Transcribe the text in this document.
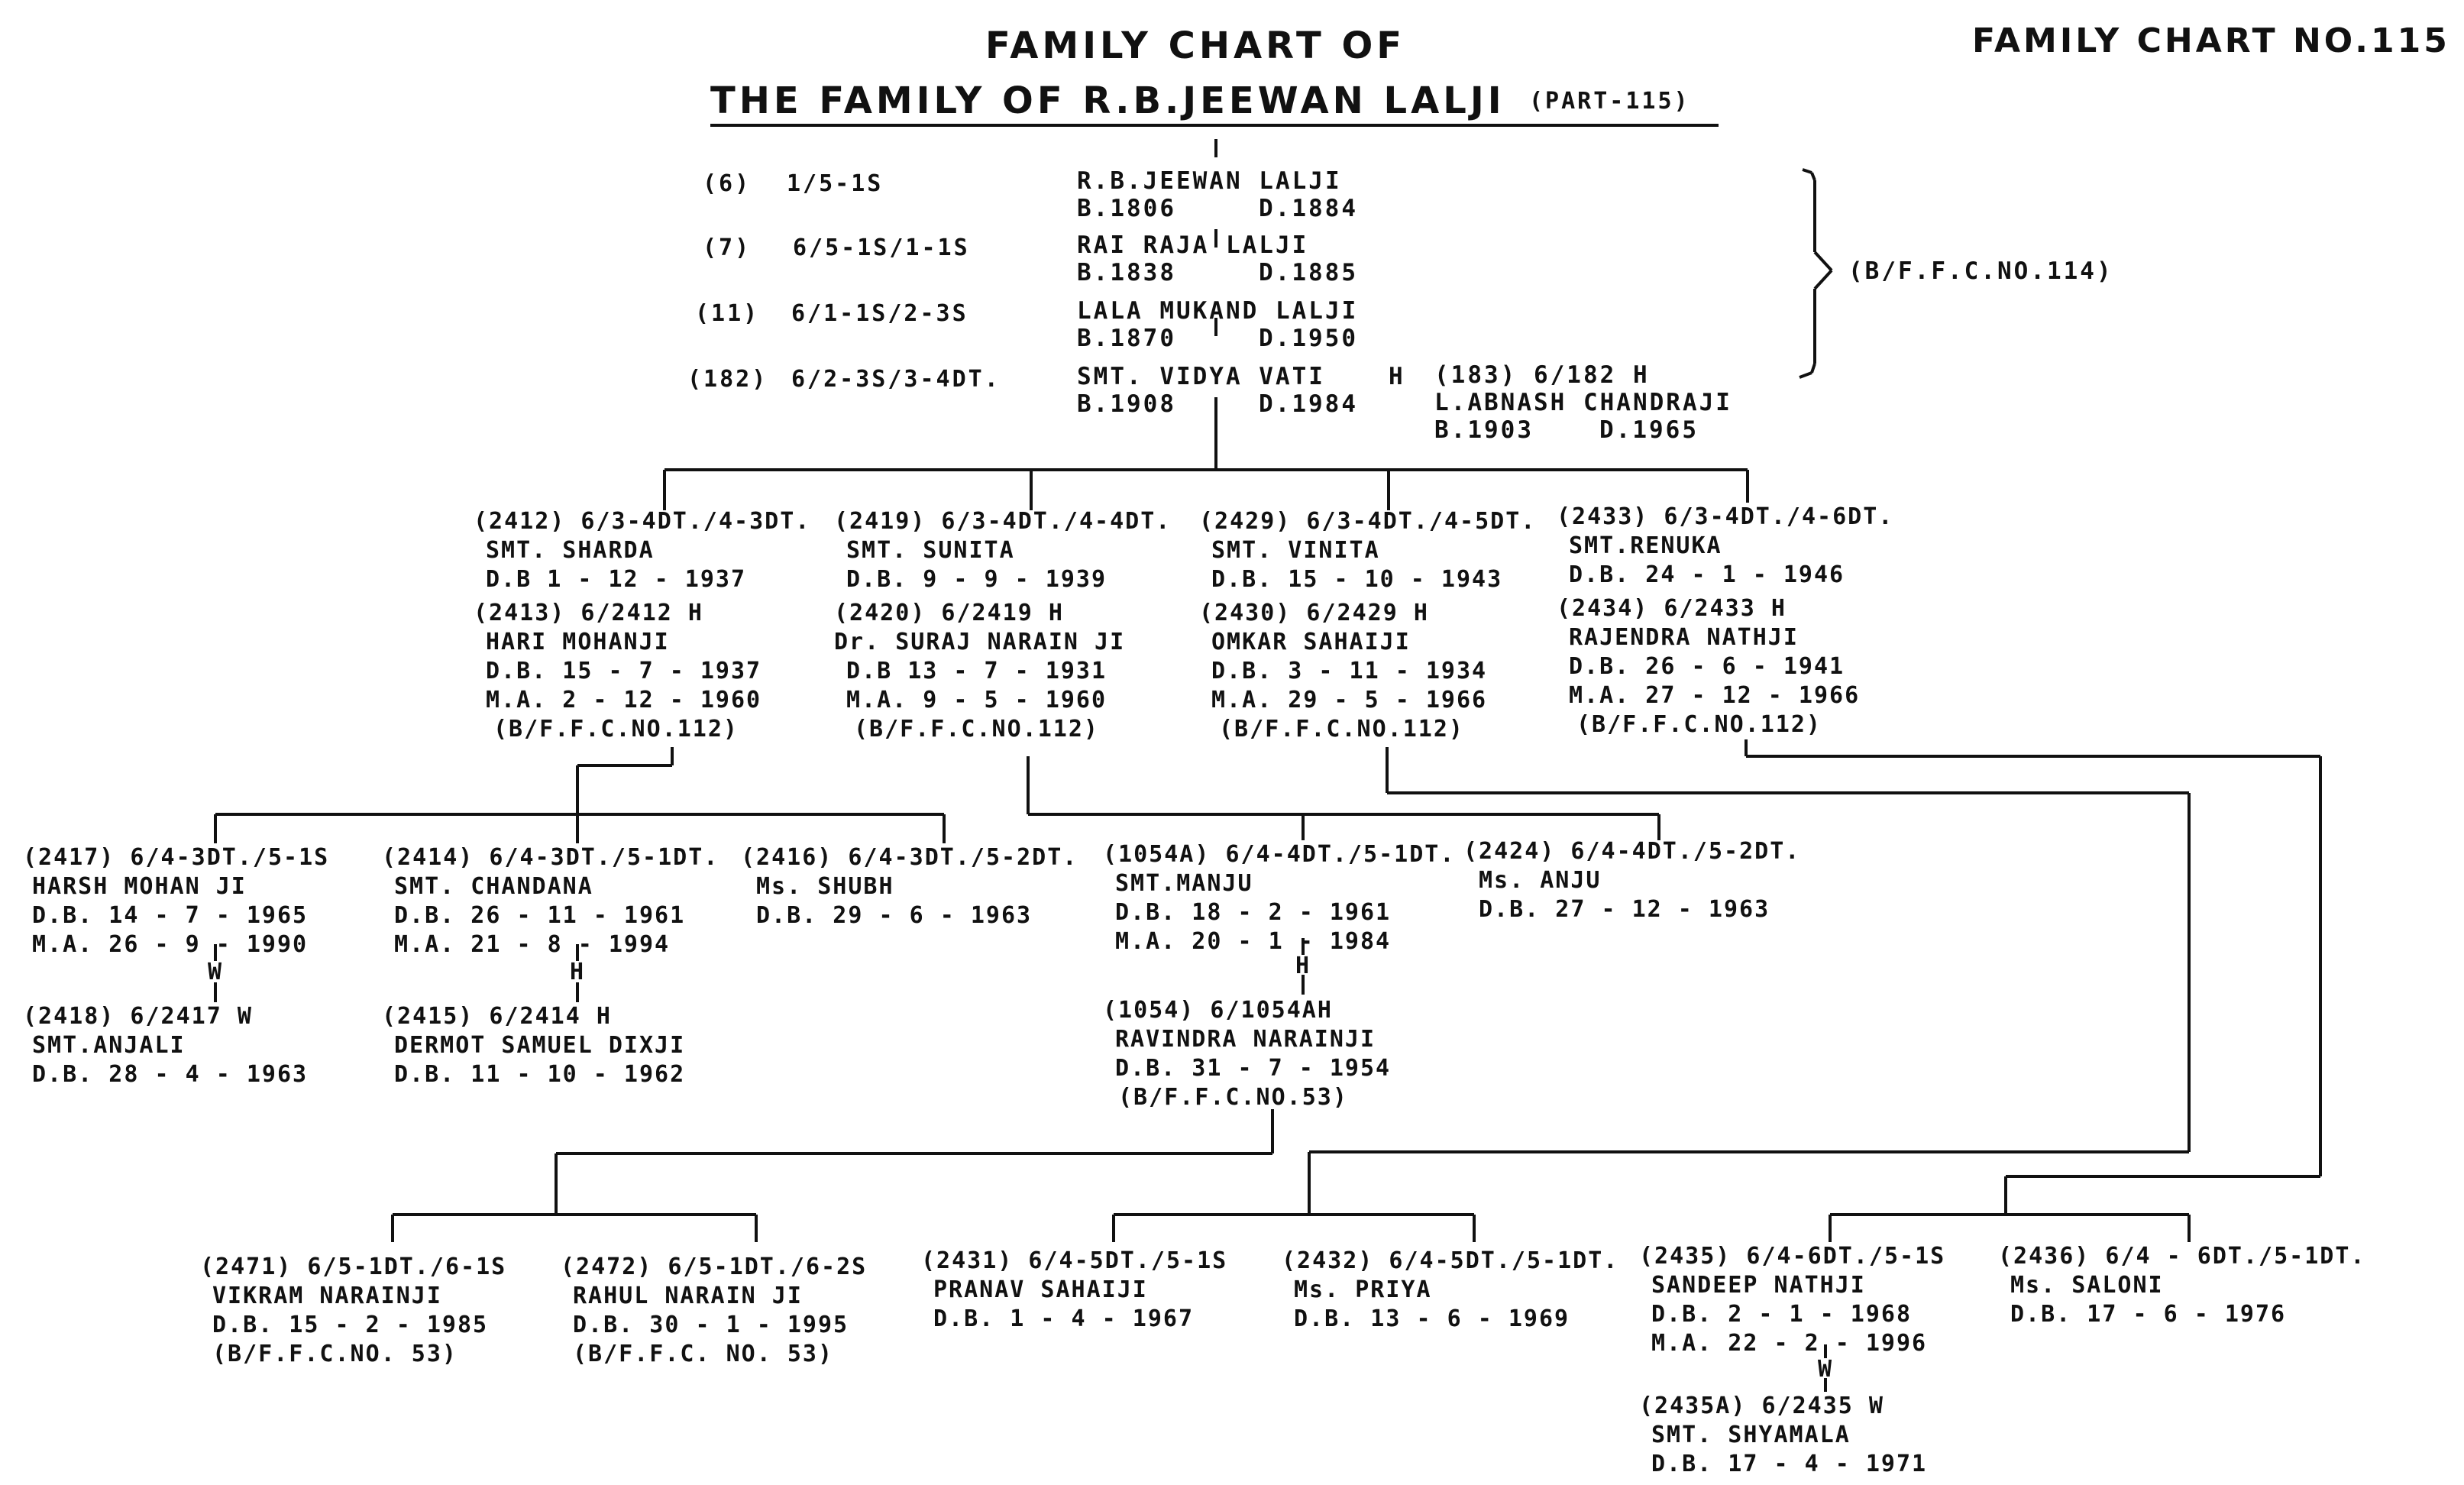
FAMILY CHART OF
THE FAMILY OF R.B.JEEWAN LALJI (PART-115)
FAMILY CHART NO.115
(6) 1/5-1S	R.B.JEEWAN LALJI
B.1806	D.1884
(7) 6/5-1S/1-1S	RAI RAJA LALJI
B.1838	D.1885
(11) 6/1-1S/2-3S	LALA MUKAND LALJI
B.1870	D.1950
(182) 6/2-3S/3-4DT.	SMT. VIDYA VATI
B.1908	D.1984
H (183) 6/182 H
L.ABNASH CHANDRAJI
B.1903	D.1965
(B/F.F.C.NO.114)
(2412) 6/3-4DT./4-3DT.
SMT. SHARDA
D.B 1 - 12 - 1937
(2413) 6/2412 H
HARI MOHANJI
D.B. 15 - 7 - 1937
M.A. 2 - 12 - 1960
(B/F.F.C.NO.112)
(2419) 6/3-4DT./4-4DT.
SMT. SUNITA
D.B. 9 - 9 - 1939
(2420) 6/2419 H
Dr. SURAJ NARAIN JI
D.B 13 - 7 - 1931
M.A. 9 - 5 - 1960
(B/F.F.C.NO.112)
(2429) 6/3-4DT./4-5DT.
SMT. VINITA
D.B. 15 - 10 - 1943
(2430) 6/2429 H
OMKAR SAHAIJI
D.B. 3 - 11 - 1934
M.A. 29 - 5 - 1966
(B/F.F.C.NO.112)
(2433) 6/3-4DT./4-6DT.
SMT.RENUKA
D.B. 24 - 1 - 1946
(2434) 6/2433 H
RAJENDRA NATHJI
D.B. 26 - 6 - 1941
M.A. 27 - 12 - 1966
(B/F.F.C.NO.112)
(2417) 6/4-3DT./5-1S
HARSH MOHAN JI
D.B. 14 - 7 - 1965
M.A. 26 - 9 - 1990
W
(2418) 6/2417 W
SMT.ANJALI
D.B. 28 - 4 - 1963
(2414) 6/4-3DT./5-1DT.
SMT. CHANDANA
D.B. 26 - 11 - 1961
M.A. 21 - 8 - 1994
H
(2415) 6/2414 H
DERMOT SAMUEL DIXJI
D.B. 11 - 10 - 1962
(2416) 6/4-3DT./5-2DT.
Ms. SHUBH
D.B. 29 - 6 - 1963
(1054A) 6/4-4DT./5-1DT.
SMT.MANJU
D.B. 18 - 2 - 1961
M.A. 20 - 1 - 1984
H
(1054) 6/1054AH
RAVINDRA NARAINJI
D.B. 31 - 7 - 1954
(B/F.F.C.NO.53)
(2424) 6/4-4DT./5-2DT.
Ms. ANJU
D.B. 27 - 12 - 1963
(2471) 6/5-1DT./6-1S
VIKRAM NARAINJI
D.B. 15 - 2 - 1985
(B/F.F.C.NO. 53)
(2472) 6/5-1DT./6-2S
RAHUL NARAIN JI
D.B. 30 - 1 - 1995
(B/F.F.C. NO. 53)
(2431) 6/4-5DT./5-1S
PRANAV SAHAIJI
D.B. 1 - 4 - 1967
(2432) 6/4-5DT./5-1DT.
Ms. PRIYA
D.B. 13 - 6 - 1969
(2435) 6/4-6DT./5-1S
SANDEEP NATHJI
D.B. 2 - 1 - 1968
M.A. 22 - 2 - 1996
W
(2435A) 6/2435 W
SMT. SHYAMALA
D.B. 17 - 4 - 1971
(2436) 6/4 - 6DT./5-1DT.
Ms. SALONI
D.B. 17 - 6 - 1976
